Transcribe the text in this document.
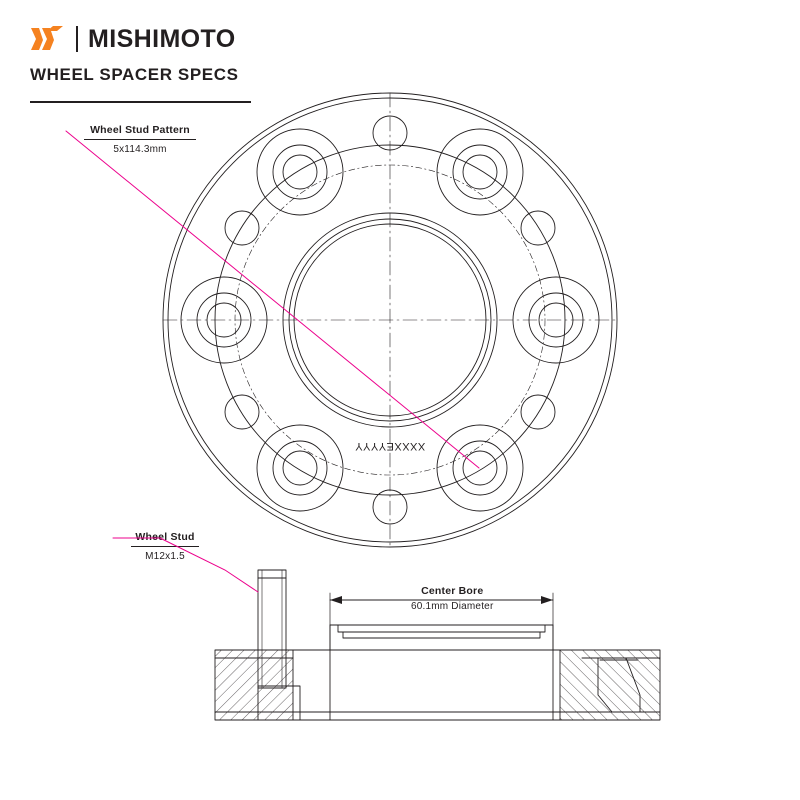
MISHIMOTO
WHEEL SPACER SPECS
Wheel Stud Pattern
5x114.3mm
Wheel Stud
M12x1.5
Center Bore
60.1mm Diameter
XXXXEYYYY
